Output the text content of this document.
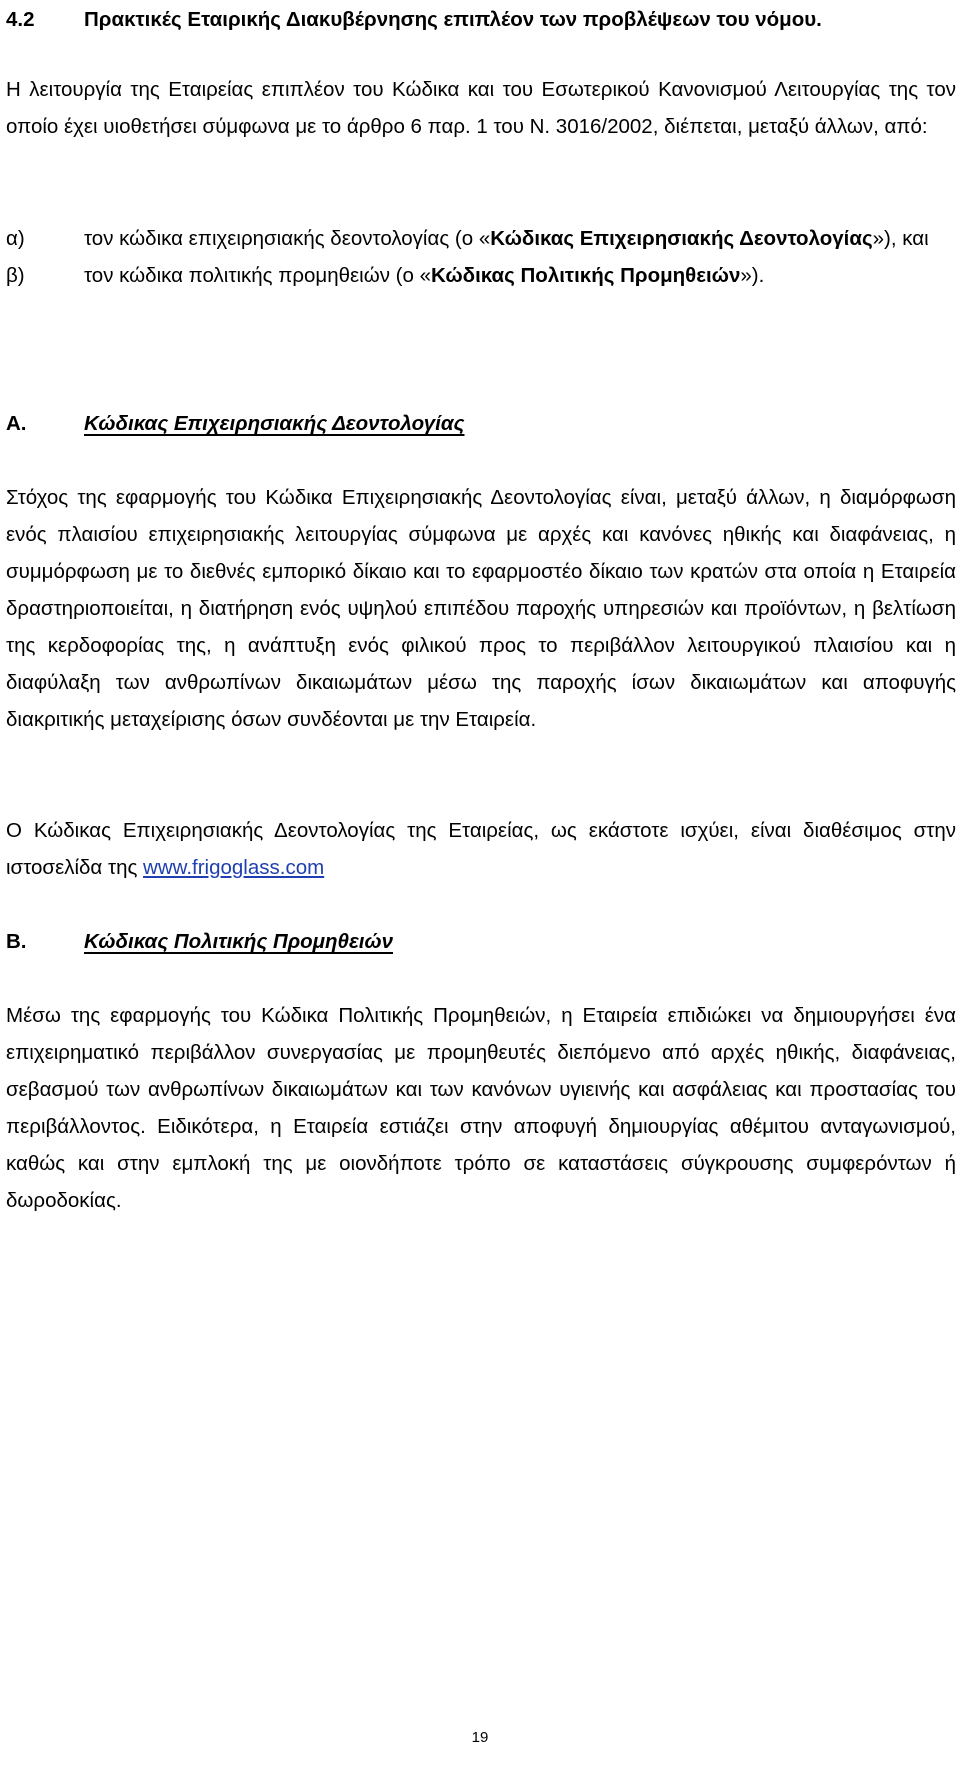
4.2 Πρακτικές Εταιρικής Διακυβέρνησης επιπλέον των προβλέψεων του νόμου.
Η λειτουργία της Εταιρείας επιπλέον του Κώδικα και του Εσωτερικού Κανονισμού Λειτουργίας της τον οποίο έχει υιοθετήσει σύμφωνα με το άρθρο 6 παρ. 1 του Ν. 3016/2002, διέπεται, μεταξύ άλλων, από:
α)	τον κώδικα επιχειρησιακής δεοντολογίας (ο «Κώδικας Επιχειρησιακής Δεοντολογίας»), και
β)	τον κώδικα πολιτικής προμηθειών (ο «Κώδικας Πολιτικής Προμηθειών»).
Α.	Κώδικας Επιχειρησιακής Δεοντολογίας
Στόχος της εφαρμογής του Κώδικα Επιχειρησιακής Δεοντολογίας είναι, μεταξύ άλλων, η διαμόρφωση ενός πλαισίου επιχειρησιακής λειτουργίας σύμφωνα με αρχές και κανόνες ηθικής και διαφάνειας, η συμμόρφωση με το διεθνές εμπορικό δίκαιο και το εφαρμοστέο δίκαιο των κρατών στα οποία η Εταιρεία δραστηριοποιείται, η διατήρηση ενός υψηλού επιπέδου παροχής υπηρεσιών και προϊόντων, η βελτίωση της κερδοφορίας της, η ανάπτυξη ενός φιλικού προς το περιβάλλον λειτουργικού πλαισίου και η διαφύλαξη των ανθρωπίνων δικαιωμάτων μέσω της παροχής ίσων δικαιωμάτων και αποφυγής διακριτικής μεταχείρισης όσων συνδέονται με την Εταιρεία.
Ο Κώδικας Επιχειρησιακής Δεοντολογίας της Εταιρείας, ως εκάστοτε ισχύει, είναι διαθέσιμος στην ιστοσελίδα της www.frigoglass.com
Β.	Κώδικας Πολιτικής Προμηθειών
Μέσω της εφαρμογής του Κώδικα Πολιτικής Προμηθειών, η Εταιρεία επιδιώκει να δημιουργήσει ένα επιχειρηματικό περιβάλλον συνεργασίας με προμηθευτές διεπόμενο από αρχές ηθικής, διαφάνειας, σεβασμού των ανθρωπίνων δικαιωμάτων και των κανόνων υγιεινής και ασφάλειας και προστασίας του περιβάλλοντος. Ειδικότερα, η Εταιρεία εστιάζει στην αποφυγή δημιουργίας αθέμιτου ανταγωνισμού, καθώς και στην εμπλοκή της με οιονδήποτε τρόπο σε καταστάσεις σύγκρουσης συμφερόντων ή δωροδοκίας.
19
